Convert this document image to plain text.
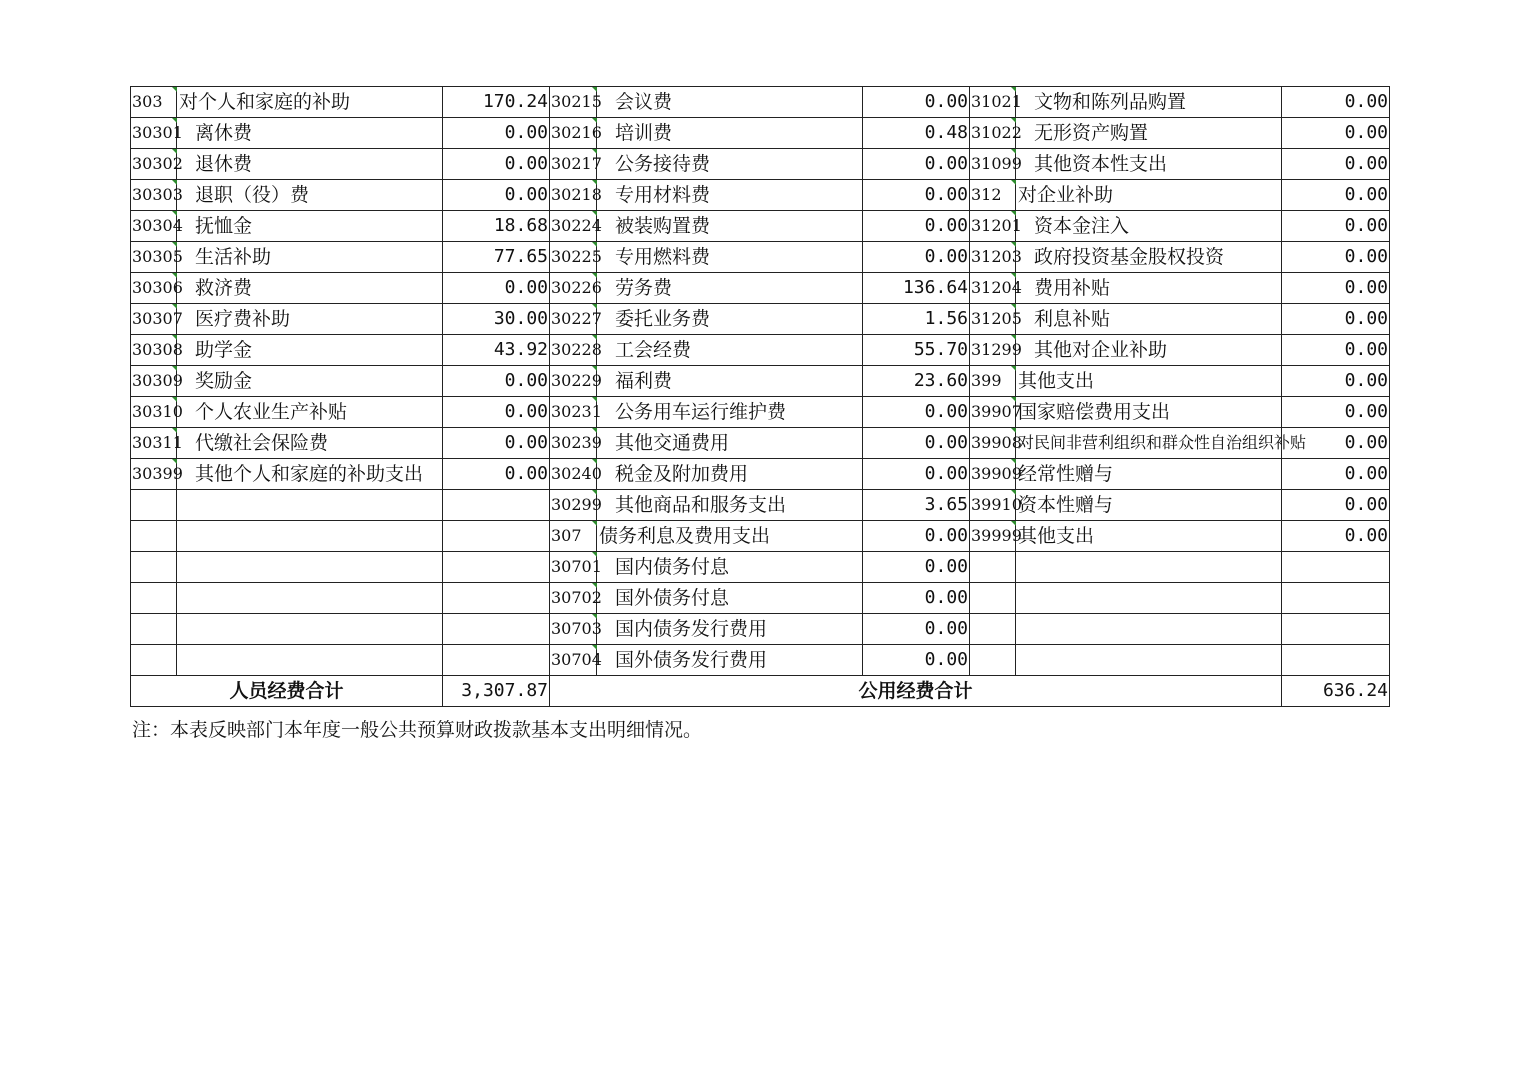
303	对个人和家庭的补助	170.24	30215	会议费	0.00	31021	文物和陈列品购置	0.00
30301	离休费	0.00	30216	培训费	0.48	31022	无形资产购置	0.00
30302	退休费	0.00	30217	公务接待费	0.00	31099	其他资本性支出	0.00
30303	退职（役）费	0.00	30218	专用材料费	0.00	312	对企业补助	0.00
30304	抚恤金	18.68	30224	被装购置费	0.00	31201	资本金注入	0.00
30305	生活补助	77.65	30225	专用燃料费	0.00	31203	政府投资基金股权投资	0.00
30306	救济费	0.00	30226	劳务费	136.64	31204	费用补贴	0.00
30307	医疗费补助	30.00	30227	委托业务费	1.56	31205	利息补贴	0.00
30308	助学金	43.92	30228	工会经费	55.70	31299	其他对企业补助	0.00
30309	奖励金	0.00	30229	福利费	23.60	399	其他支出	0.00
30310	个人农业生产补贴	0.00	30231	公务用车运行维护费	0.00	39907	国家赔偿费用支出	0.00
30311	代缴社会保险费	0.00	30239	其他交通费用	0.00	39908	对民间非营利组织和群众性自治组织补贴	0.00
30399	其他个人和家庭的补助支出	0.00	30240	税金及附加费用	0.00	39909	经常性赠与	0.00
			30299	其他商品和服务支出	3.65	39910	资本性赠与	0.00
			307	债务利息及费用支出	0.00	39999	其他支出	0.00
			30701	国内债务付息	0.00			
			30702	国外债务付息	0.00			
			30703	国内债务发行费用	0.00			
			30704	国外债务发行费用	0.00			
人员经费合计		3,307.87	公用经费合计					636.24
注：本表反映部门本年度一般公共预算财政拨款基本支出明细情况。
